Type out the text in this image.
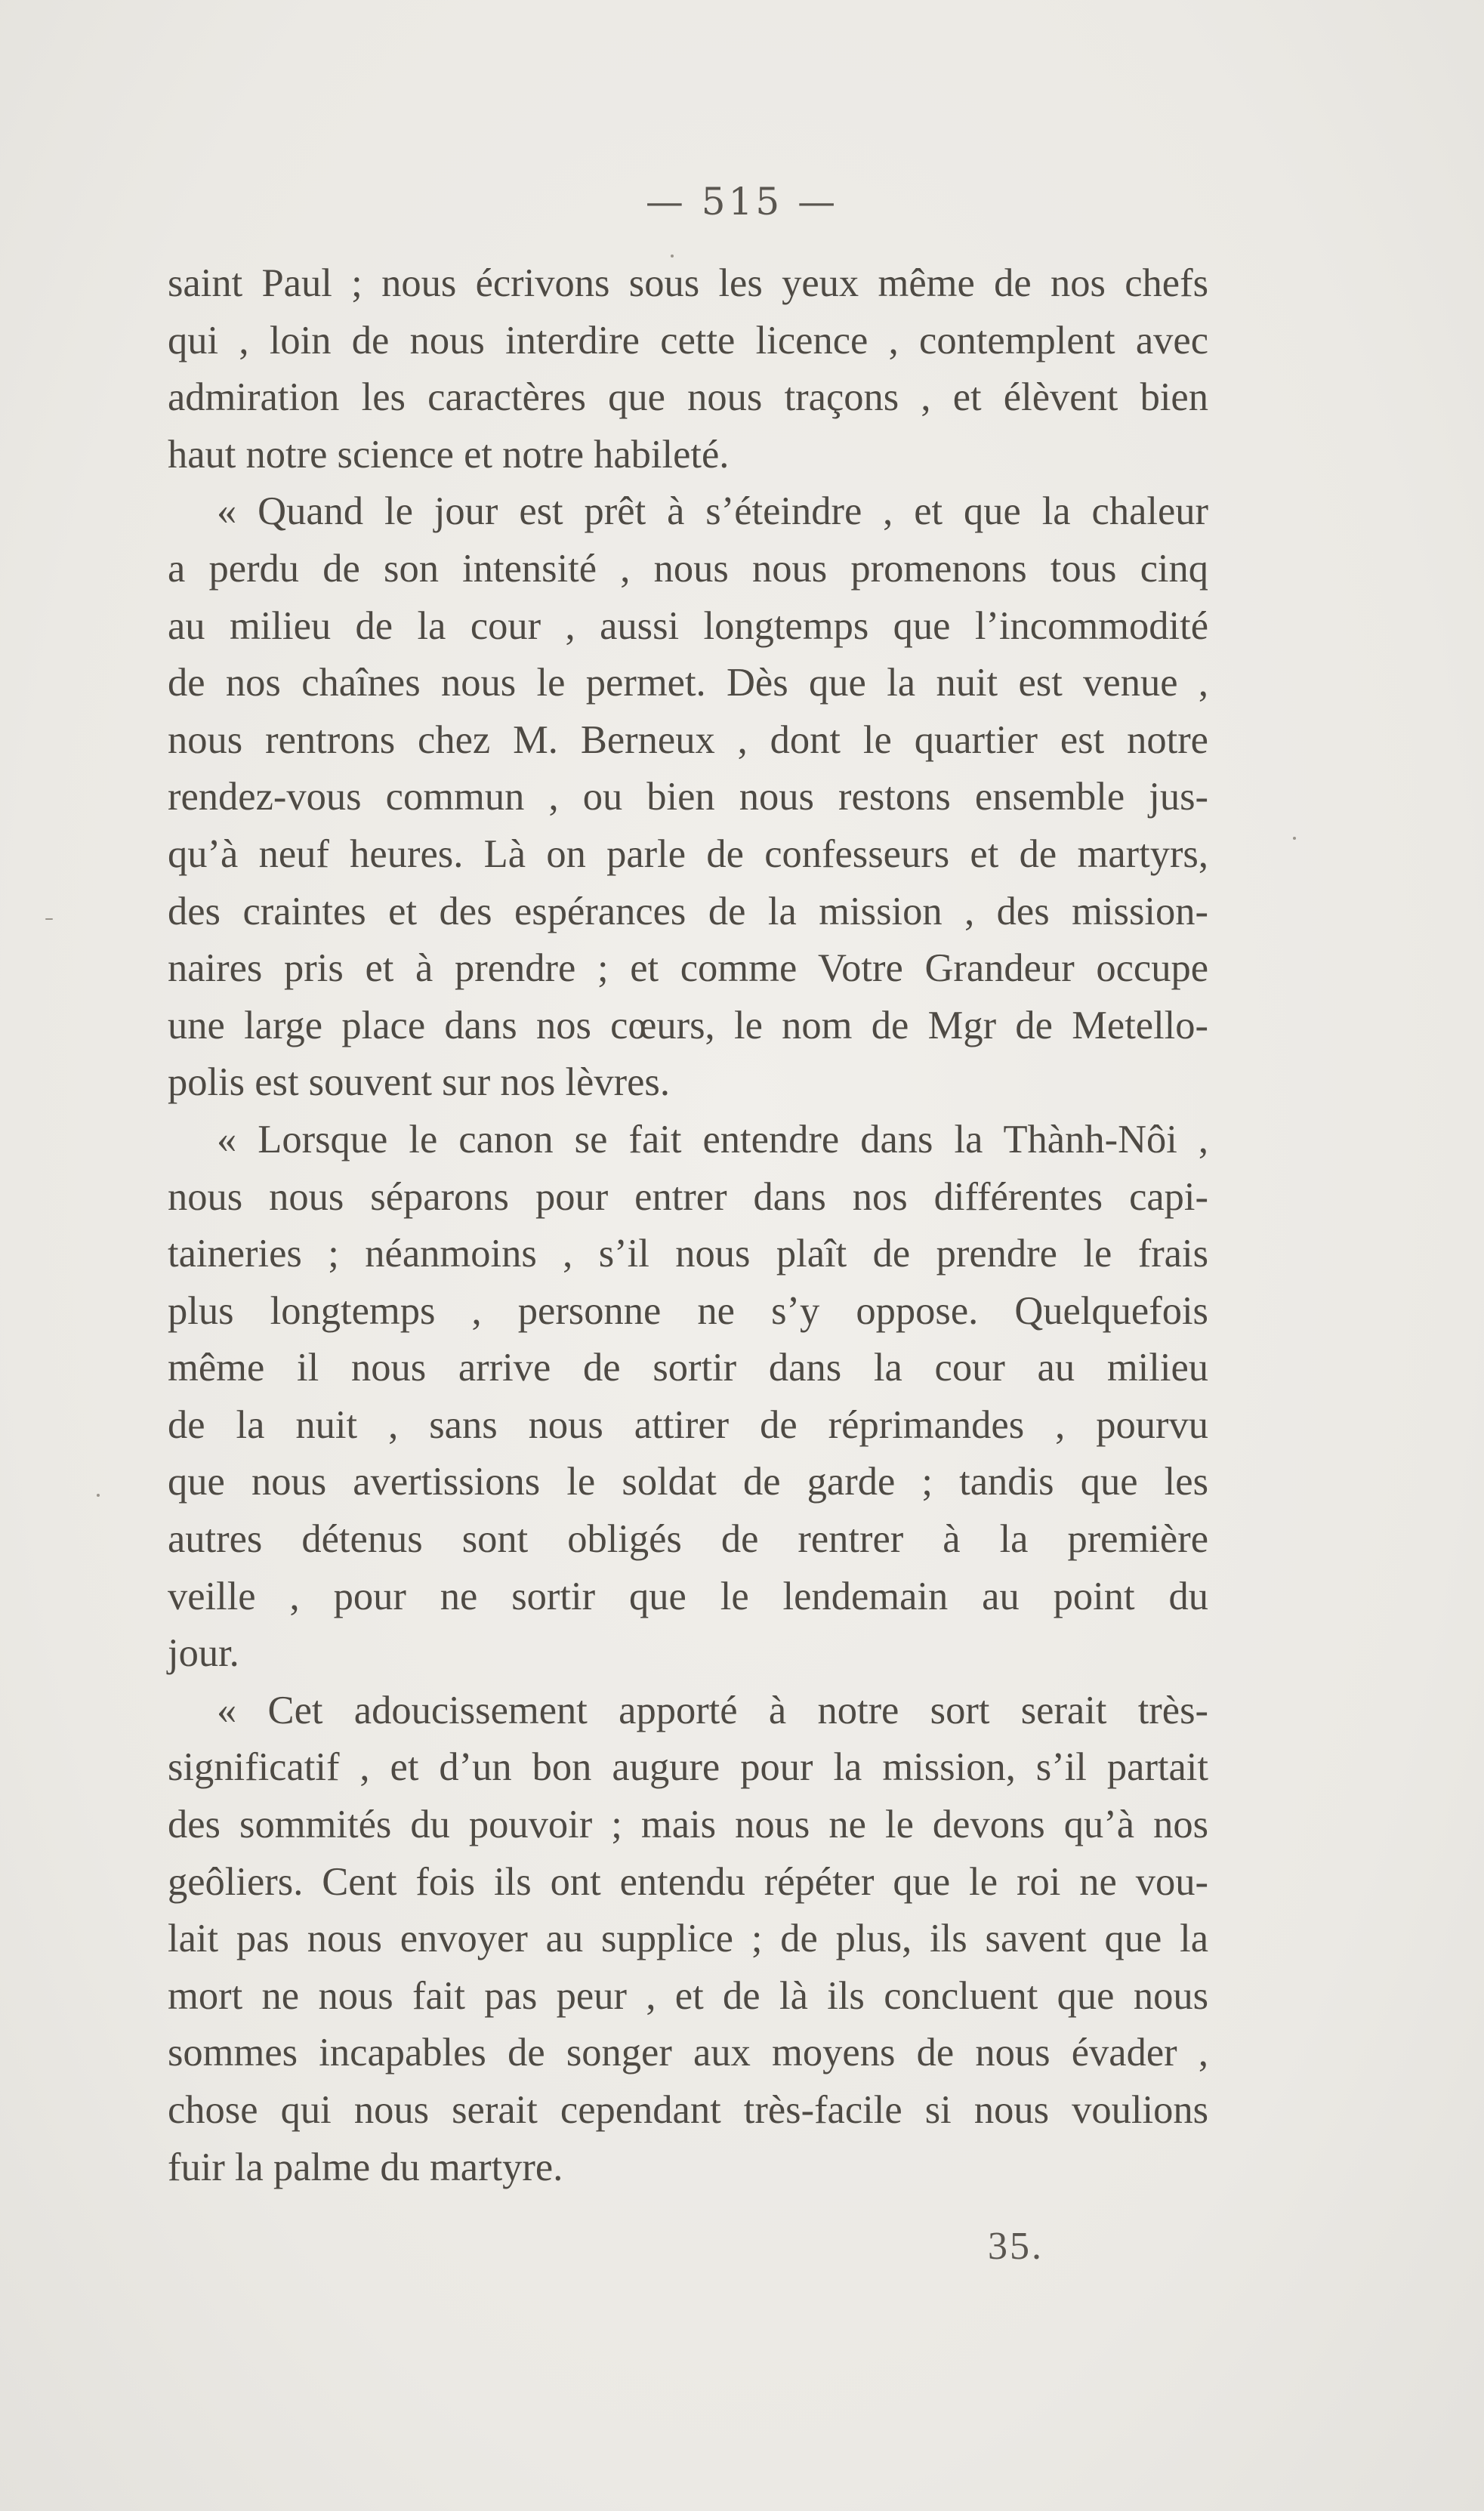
— 515 —
saint Paul ; nous écrivons sous les yeux même de nos chefs
qui , loin de nous interdire cette licence , contemplent avec
admiration les caractères que nous traçons , et élèvent bien
haut notre science et notre habileté.
« Quand le jour est prêt à s’éteindre , et que la chaleur
a perdu de son intensité , nous nous promenons tous cinq
au milieu de la cour , aussi longtemps que l’incommodité
de nos chaînes nous le permet. Dès que la nuit est venue ,
nous rentrons chez M. Berneux , dont le quartier est notre
rendez-vous commun , ou bien nous restons ensemble jus-
qu’à neuf heures. Là on parle de confesseurs et de martyrs,
des craintes et des espérances de la mission , des mission-
naires pris et à prendre ; et comme Votre Grandeur occupe
une large place dans nos cœurs, le nom de Mgr de Metello-
polis est souvent sur nos lèvres.
« Lorsque le canon se fait entendre dans la Thành-Nôi ,
nous nous séparons pour entrer dans nos différentes capi-
taineries ; néanmoins , s’il nous plaît de prendre le frais
plus longtemps , personne ne s’y oppose. Quelquefois
même il nous arrive de sortir dans la cour au milieu
de la nuit , sans nous attirer de réprimandes , pourvu
que nous avertissions le soldat de garde ; tandis que les
autres détenus sont obligés de rentrer à la première
veille , pour ne sortir que le lendemain au point du
jour.
« Cet adoucissement apporté à notre sort serait très-
significatif , et d’un bon augure pour la mission, s’il partait
des sommités du pouvoir ; mais nous ne le devons qu’à nos
geôliers. Cent fois ils ont entendu répéter que le roi ne vou-
lait pas nous envoyer au supplice ; de plus, ils savent que la
mort ne nous fait pas peur , et de là ils concluent que nous
sommes incapables de songer aux moyens de nous évader ,
chose qui nous serait cependant très-facile si nous voulions
fuir la palme du martyre.
35.
